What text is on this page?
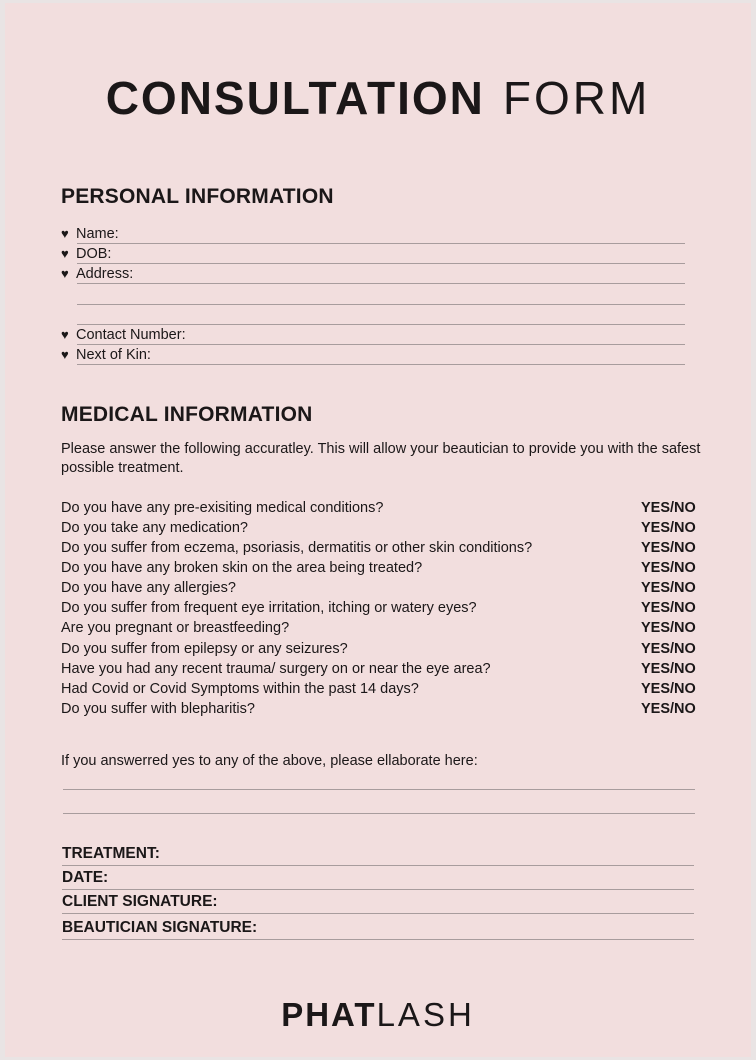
CONSULTATION FORM
PERSONAL INFORMATION
♥ Name:
♥ DOB:
♥ Address:
♥ Contact Number:
♥ Next of Kin:
MEDICAL INFORMATION
Please answer the following accuratley. This will allow your beautician to provide you with the safest possible treatment.
Do you have any pre-exisiting medical conditions?	YES/NO
Do you take any medication?	YES/NO
Do you suffer from eczema, psoriasis, dermatitis or other skin conditions?	YES/NO
Do you have any broken skin on the area being treated?	YES/NO
Do you have any allergies?	YES/NO
Do you suffer from frequent eye irritation, itching or watery eyes?	YES/NO
Are you pregnant or breastfeeding?	YES/NO
Do you suffer from epilepsy or any seizures?	YES/NO
Have you had any recent trauma/ surgery on or near the eye area?	YES/NO
Had Covid or Covid Symptoms within the past 14 days?	YES/NO
Do you suffer with blepharitis?	YES/NO
If you answerred yes to any of the above, please ellaborate here:
TREATMENT:
DATE:
CLIENT SIGNATURE:
BEAUTICIAN SIGNATURE:
PHATLASH
